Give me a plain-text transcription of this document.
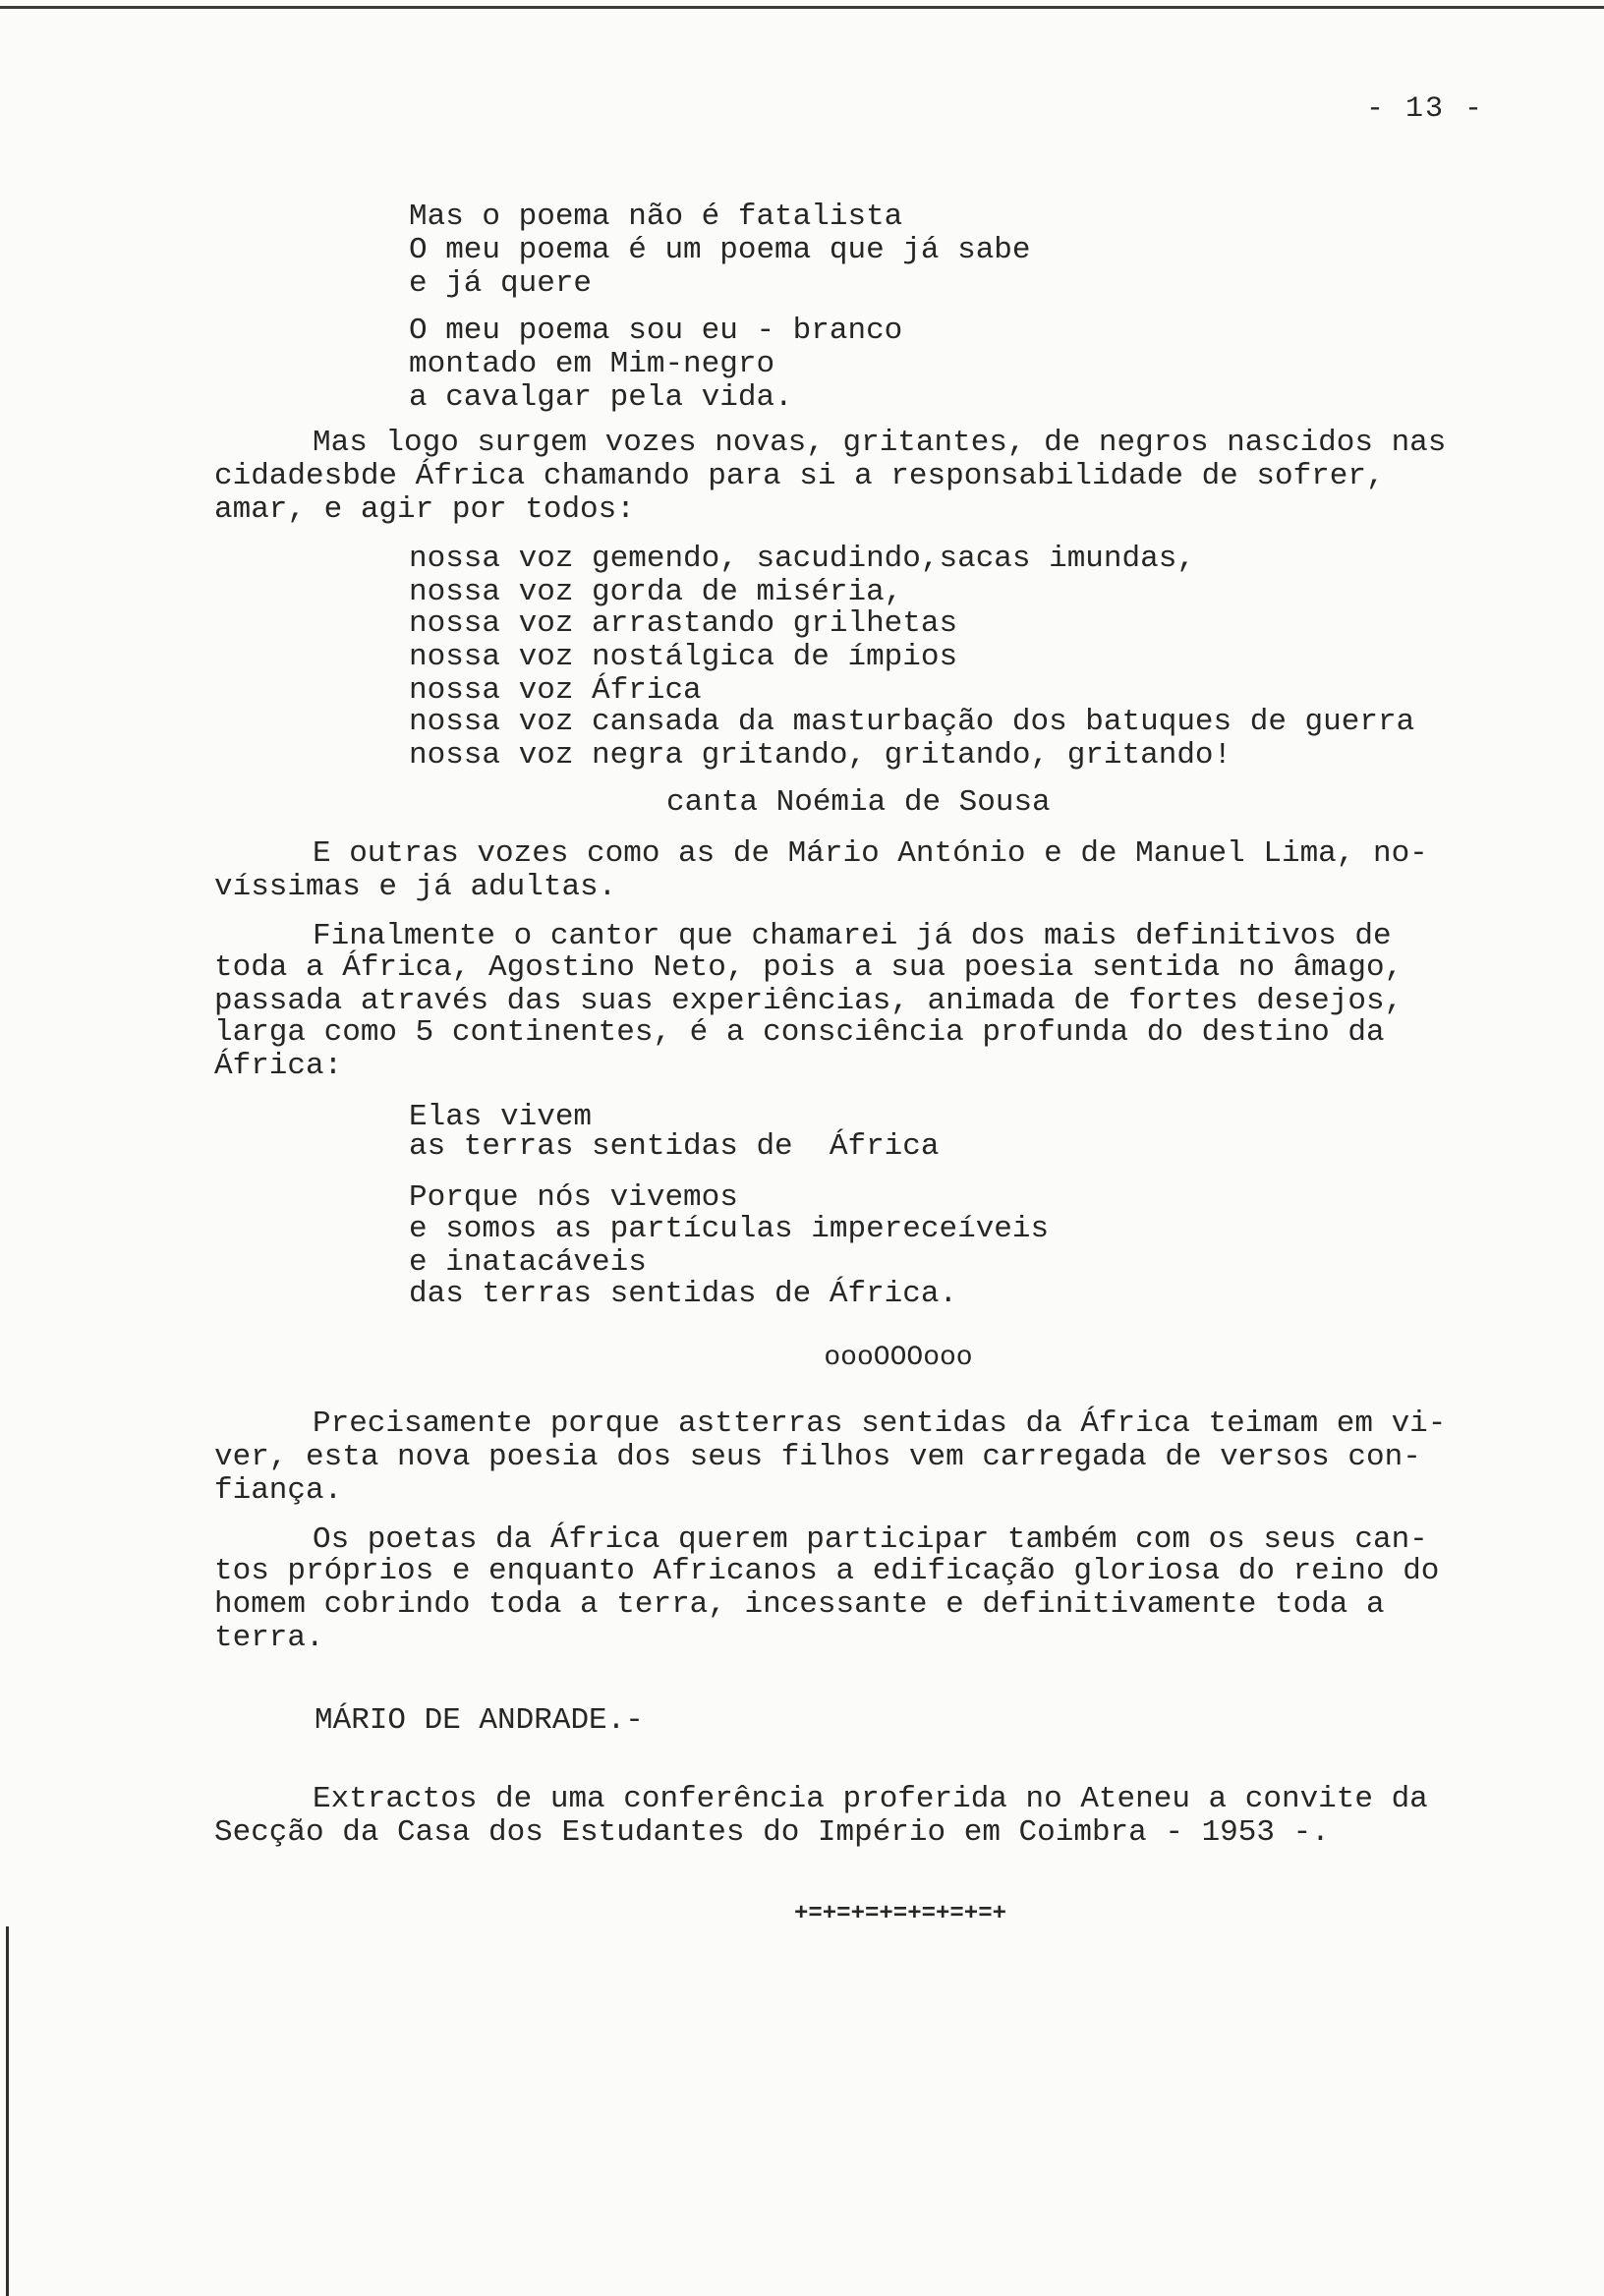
- 13 -
Mas o poema não é fatalista
O meu poema é um poema que já sabe
e já quere
O meu poema sou eu - branco
montado em Mim-negro
a cavalgar pela vida.
Mas logo surgem vozes novas, gritantes, de negros nascidos nas
cidadesbde África chamando para si a responsabilidade de sofrer,
amar, e agir por todos:
nossa voz gemendo, sacudindo,sacas imundas,
nossa voz gorda de miséria,
nossa voz arrastando grilhetas
nossa voz nostálgica de ímpios
nossa voz África
nossa voz cansada da masturbação dos batuques de guerra
nossa voz negra gritando, gritando, gritando!
canta Noémia de Sousa
E outras vozes como as de Mário António e de Manuel Lima, no-
víssimas e já adultas.
Finalmente o cantor que chamarei já dos mais definitivos de
toda a África, Agostino Neto, pois a sua poesia sentida no âmago,
passada através das suas experiências, animada de fortes desejos,
larga como 5 continentes, é a consciência profunda do destino da
África:
Elas vivem
as terras sentidas de  África
Porque nós vivemos
e somos as partículas impereceíveis
e inatacáveis
das terras sentidas de África.
oooOOOooo
Precisamente porque astterras sentidas da África teimam em vi-
ver, esta nova poesia dos seus filhos vem carregada de versos con-
fiança.
Os poetas da África querem participar também com os seus can-
tos próprios e enquanto Africanos a edificação gloriosa do reino do
homem cobrindo toda a terra, incessante e definitivamente toda a
terra.
MÁRIO DE ANDRADE.-
Extractos de uma conferência proferida no Ateneu a convite da
Secção da Casa dos Estudantes do Império em Coimbra - 1953 -.
+=+=+=+=+=+=+=+
